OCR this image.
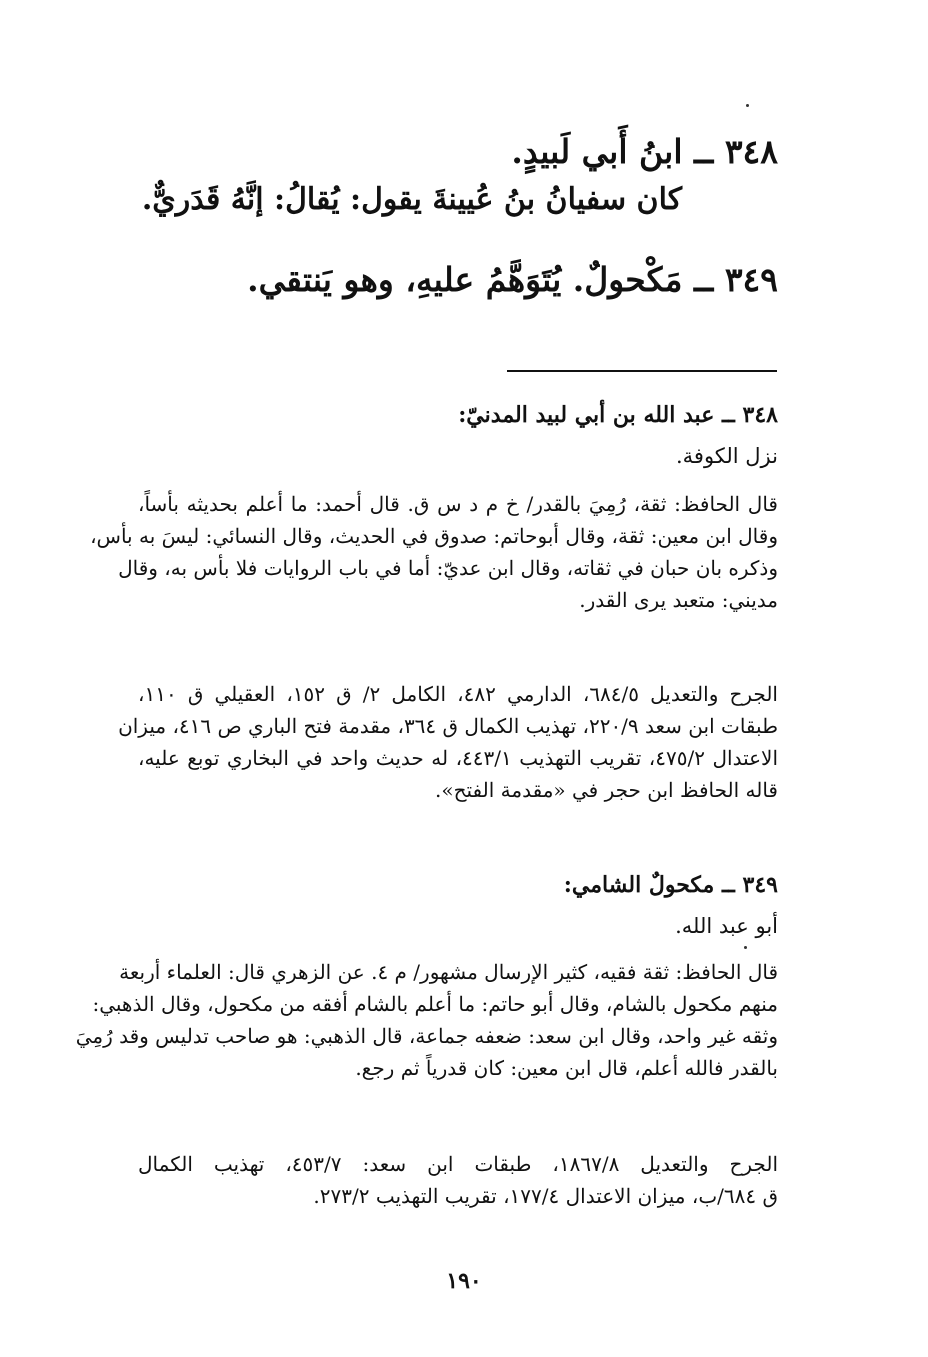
٣٤٨ ــ ابنُ أَبي لَبيدٍ.
كان سفيانُ بنُ عُيينةَ يقول: يُقالُ: إنَّهُ قَدَريٌّ.
٣٤٩ ــ مَكْحولٌ. يُتَوَهَّمُ عليهِ، وهو يَنتقي.
٣٤٨ ــ عبد الله بن أبي لبيد المدنيّ:
نزل الكوفة.
قال الحافظ: ثقة، رُمِيَ بالقدر/ خ م د س ق. قال أحمد: ما أعلم بحديثه بأساً،
وقال ابن معين: ثقة، وقال أبوحاتم: صدوق في الحديث، وقال النسائي: ليسَ به بأس،
وذكره بان حبان في ثقاته، وقال ابن عديّ: أما في باب الروايات فلا بأس به، وقال
مديني: متعبد يرى القدر.
الجرح والتعديل ٦٨٤/٥، الدارمي ٤٨٢، الكامل ٢/ ق ١٥٢، العقيلي ق ١١٠،
طبقات ابن سعد ٢٢٠/٩، تهذيب الكمال ق ٣٦٤، مقدمة فتح الباري ص ٤١٦، ميزان
الاعتدال ٤٧٥/٢، تقريب التهذيب ٤٤٣/١، له حديث واحد في البخاري توبع عليه،
قاله الحافظ ابن حجر في «مقدمة الفتح».
٣٤٩ ــ مكحولٌ الشامي:
أبو عبد الله.
قال الحافظ: ثقة فقيه، كثير الإرسال مشهور/ م ٤. عن الزهري قال: العلماء أربعة
منهم مكحول بالشام، وقال أبو حاتم: ما أعلم بالشام أفقه من مكحول، وقال الذهبي:
وثقه غير واحد، وقال ابن سعد: ضعفه جماعة، قال الذهبي: هو صاحب تدليس وقد رُمِيَ
بالقدر فالله أعلم، قال ابن معين: كان قدرياً ثم رجع.
الجرح والتعديل ١٨٦٧/٨، طبقات ابن سعد: ٤٥٣/٧، تهذيب الكمال
ق ٦٨٤/ب، ميزان الاعتدال ١٧٧/٤، تقريب التهذيب ٢٧٣/٢.
١٩٠
